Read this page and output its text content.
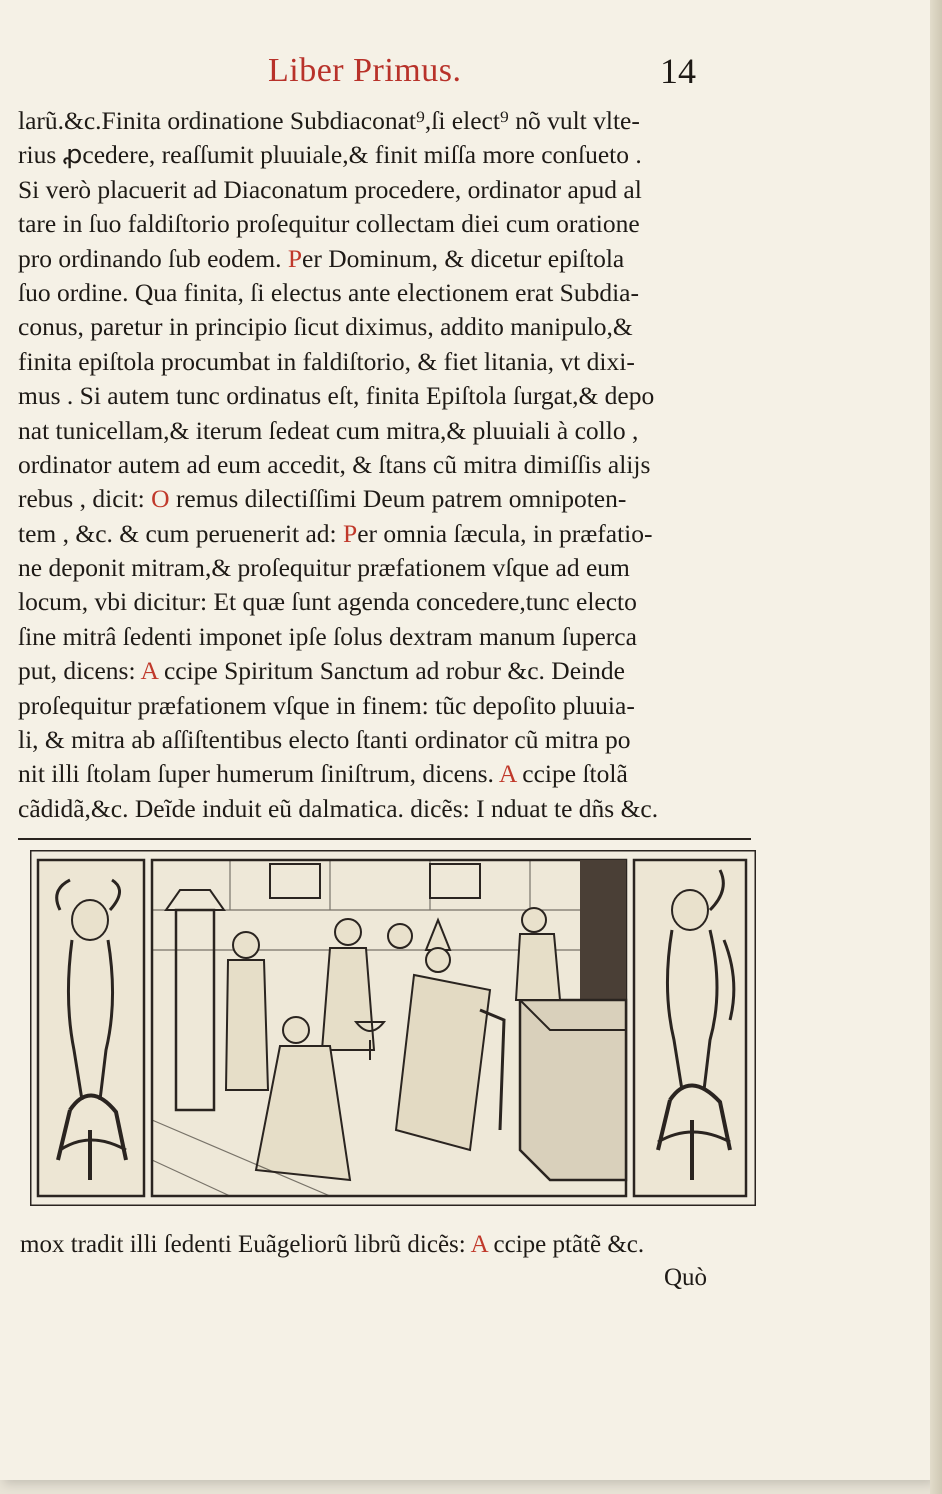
Liber Primus.	14
larũ.&c.Finita ordinatione Subdiaconat⁹,ſi elect⁹ nõ vult vlte-
rius ꝓcedere, reaſſumit pluuiale,& finit miſſa more conſueto .
Si verò placuerit ad Diaconatum procedere, ordinator apud al
tare in ſuo faldiſtorio proſequitur collectam diei cum oratione
pro ordinando ſub eodem. Per Dominum, & dicetur epiſtola
ſuo ordine. Qua finita, ſi electus ante electionem erat Subdia-
conus, paretur in principio ſicut diximus, addito manipulo,&
finita epiſtola procumbat in faldiſtorio, & fiet litania, vt dixi-
mus . Si autem tunc ordinatus eſt, finita Epiſtola ſurgat,& depo
nat tunicellam,& iterum ſedeat cum mitra,& pluuiali à collo ,
ordinator autem ad eum accedit, & ſtans cũ mitra dimiſſis alijs
rebus , dicit: O remus dilectiſſimi Deum patrem omnipoten-
tem , &c. & cum peruenerit ad: Per omnia ſæcula, in præfatio-
ne deponit mitram,& proſequitur præfationem vſque ad eum
locum, vbi dicitur: Et quæ ſunt agenda concedere,tunc electo
ſine mitrâ ſedenti imponet ipſe ſolus dextram manum ſuperca
put, dicens: A ccipe Spiritum Sanctum ad robur &c. Deinde
proſequitur præfationem vſque in finem: tũc depoſito pluuia-
li, & mitra ab aſſiſtentibus electo ſtanti ordinator cũ mitra po
nit illi ſtolam ſuper humerum ſiniſtrum, dicens. A ccipe ſtolã
cãdidã,&c. Deĩde induit eũ dalmatica. dicẽs: I nduat te dñs &c.
mox tradit illi ſedenti Euãgeliorũ librũ dicẽs: A ccipe ptãtẽ &c.
Quò
